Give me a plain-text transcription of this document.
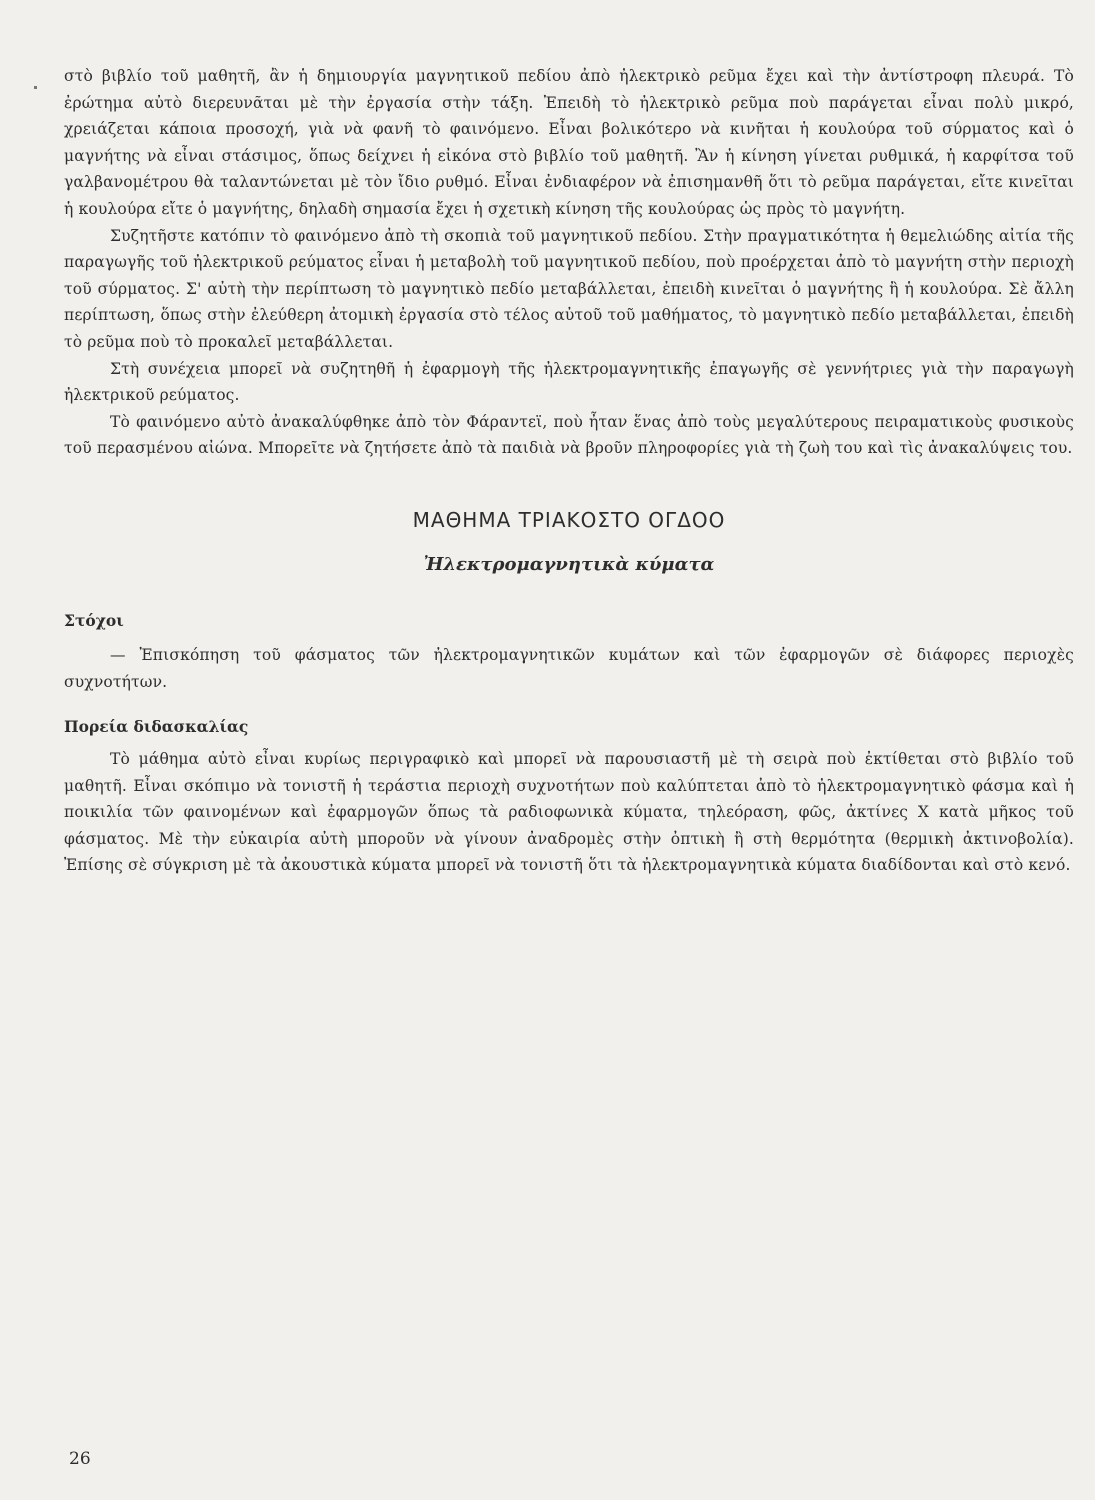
στὸ βιβλίο τοῦ μαθητῆ, ἂν ἡ δημιουργία μαγνητικοῦ πεδίου ἀπὸ ἠλεκτρικὸ ρεῦμα ἔχει καὶ τὴν ἀντίστροφη πλευρά. Τὸ ἐρώτημα αὐτὸ διερευνᾶται μὲ τὴν ἐργασία στὴν τάξη. Ἐπειδὴ τὸ ἠλεκτρικὸ ρεῦμα ποὺ παράγεται εἶναι πολὺ μικρό, χρειάζεται κάποια προσοχή, γιὰ νὰ φανῆ τὸ φαινόμενο. Εἶναι βολικότερο νὰ κινῆται ἡ κουλούρα τοῦ σύρματος καὶ ὁ μαγνήτης νὰ εἶναι στάσιμος, ὅπως δείχνει ἡ εἰκόνα στὸ βιβλίο τοῦ μαθητῆ. Ἂν ἡ κίνηση γίνεται ρυθμικά, ἡ καρφίτσα τοῦ γαλβανομέτρου θὰ ταλαντώνεται μὲ τὸν ἴδιο ρυθμό. Εἶναι ἐνδιαφέρον νὰ ἐπισημανθῆ ὅτι τὸ ρεῦμα παράγεται, εἴτε κινεῖται ἡ κουλούρα εἴτε ὁ μαγνήτης, δηλαδὴ σημασία ἔχει ἡ σχετικὴ κίνηση τῆς κουλούρας ὡς πρὸς τὸ μαγνήτη.

Συζητῆστε κατόπιν τὸ φαινόμενο ἀπὸ τὴ σκοπιὰ τοῦ μαγνητικοῦ πεδίου. Στὴν πραγματικότητα ἡ θεμελιώδης αἰτία τῆς παραγωγῆς τοῦ ἠλεκτρικοῦ ρεύματος εἶναι ἡ μεταβολὴ τοῦ μαγνητικοῦ πεδίου, ποὺ προέρχεται ἀπὸ τὸ μαγνήτη στὴν περιοχὴ τοῦ σύρματος. Σ' αὐτὴ τὴν περίπτωση τὸ μαγνητικὸ πεδίο μεταβάλλεται, ἐπειδὴ κινεῖται ὁ μαγνήτης ἢ ἡ κουλούρα. Σὲ ἄλλη περίπτωση, ὅπως στὴν ἐλεύθερη ἀτομικὴ ἐργασία στὸ τέλος αὐτοῦ τοῦ μαθήματος, τὸ μαγνητικὸ πεδίο μεταβάλλεται, ἐπειδὴ τὸ ρεῦμα ποὺ τὸ προκαλεῖ μεταβάλλεται.

Στὴ συνέχεια μπορεῖ νὰ συζητηθῆ ἡ ἐφαρμογὴ τῆς ἠλεκτρομαγνητικῆς ἐπαγωγῆς σὲ γεννήτριες γιὰ τὴν παραγωγὴ ἠλεκτρικοῦ ρεύματος.

Τὸ φαινόμενο αὐτὸ ἀνακαλύφθηκε ἀπὸ τὸν Φάραντεϊ, ποὺ ἦταν ἕνας ἀπὸ τοὺς μεγαλύτερους πειραματικοὺς φυσικοὺς τοῦ περασμένου αἰώνα. Μπορεῖτε νὰ ζητήσετε ἀπὸ τὰ παιδιὰ νὰ βροῦν πληροφορίες γιὰ τὴ ζωὴ του καὶ τὶς ἀνακαλύψεις του.

ΜΑΘΗΜΑ ΤΡΙΑΚΟΣΤΟ ΟΓΔΟΟ
Ἠλεκτρομαγνητικὰ κύματα

Στόχοι

— Ἐπισκόπηση τοῦ φάσματος τῶν ἠλεκτρομαγνητικῶν κυμάτων καὶ τῶν ἐφαρμογῶν σὲ διάφορες περιοχὲς συχνοτήτων.

Πορεία διδασκαλίας

Τὸ μάθημα αὐτὸ εἶναι κυρίως περιγραφικὸ καὶ μπορεῖ νὰ παρουσιαστῆ μὲ τὴ σειρὰ ποὺ ἐκτίθεται στὸ βιβλίο τοῦ μαθητῆ. Εἶναι σκόπιμο νὰ τονιστῆ ἡ τεράστια περιοχὴ συχνοτήτων ποὺ καλύπτεται ἀπὸ τὸ ἠλεκτρομαγνητικὸ φάσμα καὶ ἡ ποικιλία τῶν φαινομένων καὶ ἐφαρμογῶν ὅπως τὰ ραδιοφωνικὰ κύματα, τηλεόραση, φῶς, ἀκτίνες Χ κατὰ μῆκος τοῦ φάσματος. Μὲ τὴν εὐκαιρία αὐτὴ μποροῦν νὰ γίνουν ἀναδρομὲς στὴν ὀπτικὴ ἢ στὴ θερμότητα (θερμικὴ ἀκτινοβολία). Ἐπίσης σὲ σύγκριση μὲ τὰ ἀκουστικὰ κύματα μπορεῖ νὰ τονιστῆ ὅτι τὰ ἠλεκτρομαγνητικὰ κύματα διαδίδονται καὶ στὸ κενό.

26
